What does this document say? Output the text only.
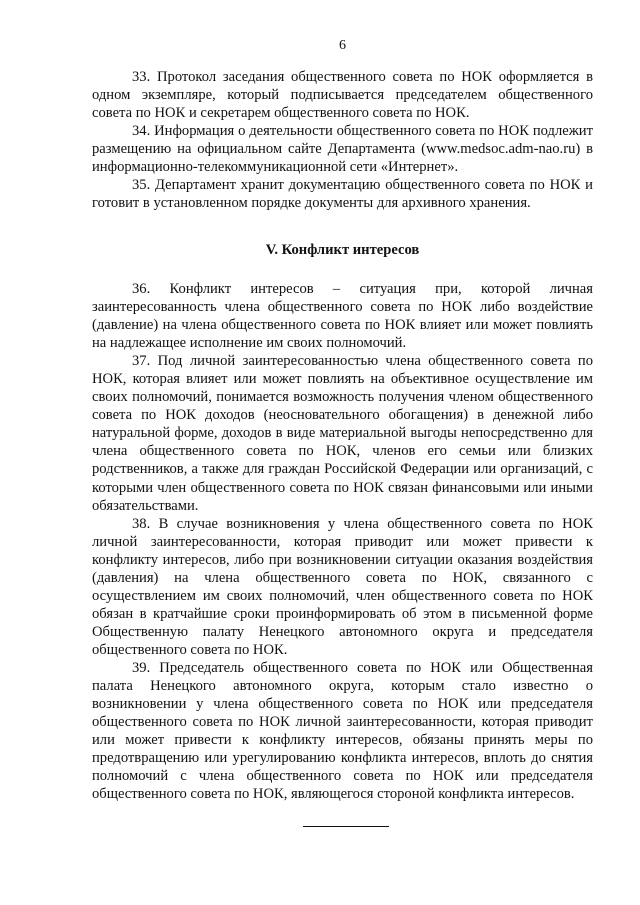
6

33. Протокол заседания общественного совета по НОК оформляется в одном экземпляре, который подписывается председателем общественного совета по НОК и секретарем общественного совета по НОК.

34. Информация о деятельности общественного совета по НОК подлежит размещению на официальном сайте Департамента (www.medsoc.adm-nao.ru) в информационно-телекоммуникационной сети «Интернет».

35. Департамент хранит документацию общественного совета по НОК и готовит в установленном порядке документы для архивного хранения.

V. Конфликт интересов

36. Конфликт интересов – ситуация при, которой личная заинтересованность члена общественного совета по НОК либо воздействие (давление) на члена общественного совета по НОК влияет или может повлиять на надлежащее исполнение им своих полномочий.

37. Под личной заинтересованностью члена общественного совета по НОК, которая влияет или может повлиять на объективное осуществление им своих полномочий, понимается возможность получения членом общественного совета по НОК доходов (неосновательного обогащения) в денежной либо натуральной форме, доходов в виде материальной выгоды непосредственно для члена общественного совета по НОК, членов его семьи или близких родственников, а также для граждан Российской Федерации или организаций, с которыми член общественного совета по НОК связан финансовыми или иными обязательствами.

38. В случае возникновения у члена общественного совета по НОК личной заинтересованности, которая приводит или может привести к конфликту интересов, либо при возникновении ситуации оказания воздействия (давления) на члена общественного совета по НОК, связанного с осуществлением им своих полномочий, член общественного совета по НОК обязан в кратчайшие сроки проинформировать об этом в письменной форме Общественную палату Ненецкого автономного округа и председателя общественного совета по НОК.

39. Председатель общественного совета по НОК или Общественная палата Ненецкого автономного округа, которым стало известно о возникновении у члена общественного совета по НОК или председателя общественного совета по НОК личной заинтересованности, которая приводит или может привести к конфликту интересов, обязаны принять меры по предотвращению или урегулированию конфликта интересов, вплоть до снятия полномочий с члена общественного совета по НОК или председателя общественного совета по НОК, являющегося стороной конфликта интересов.
